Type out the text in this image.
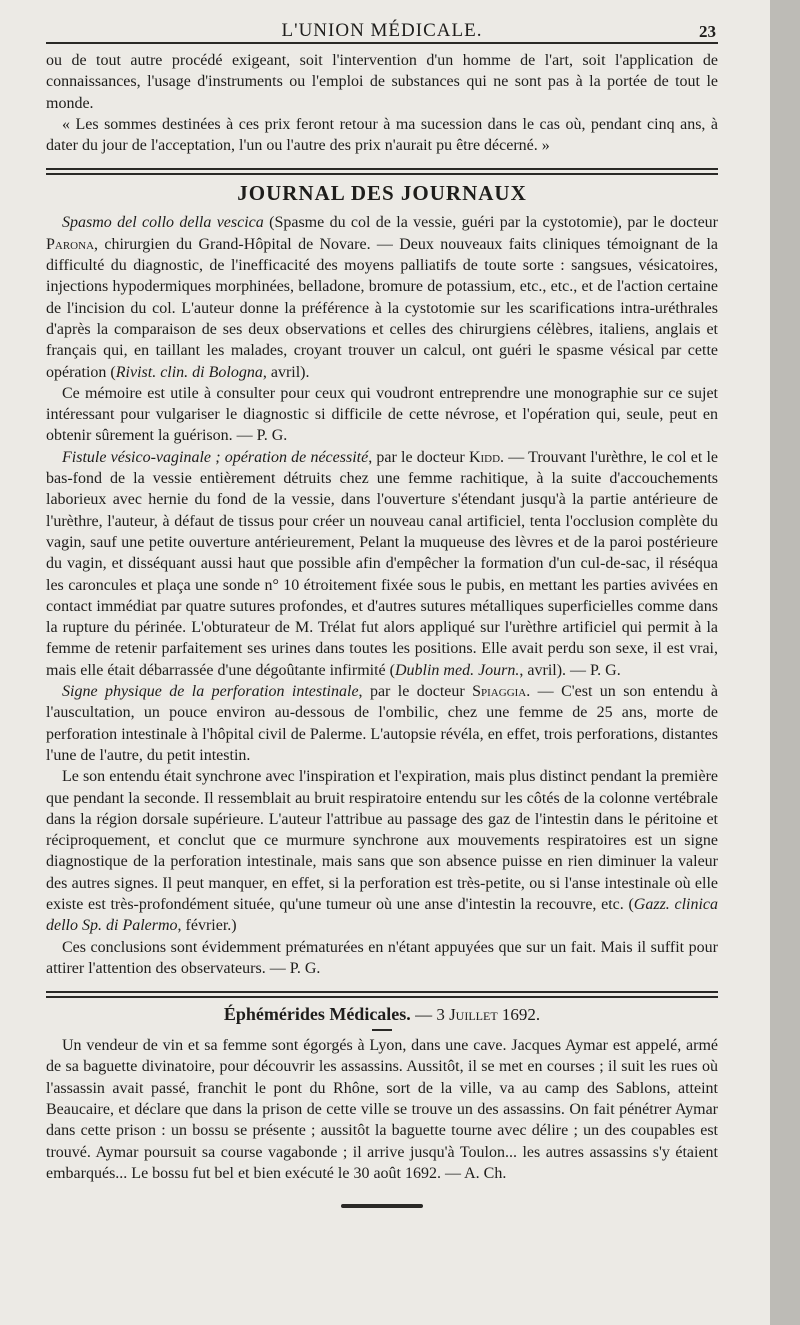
L'UNION MÉDICALE.	23

ou de tout autre procédé exigeant, soit l'intervention d'un homme de l'art, soit l'application de connaissances, l'usage d'instruments ou l'emploi de substances qui ne sont pas à la portée de tout le monde.

« Les sommes destinées à ces prix feront retour à ma sucession dans le cas où, pendant cinq ans, à dater du jour de l'acceptation, l'un ou l'autre des prix n'aurait pu être décerné. »

JOURNAL DES JOURNAUX

Spasmo del collo della vescica (Spasme du col de la vessie, guéri par la cystotomie), par le docteur Parona, chirurgien du Grand-Hôpital de Novare. — Deux nouveaux faits cliniques témoignant de la difficulté du diagnostic, de l'inefficacité des moyens palliatifs de toute sorte : sangsues, vésicatoires, injections hypodermiques morphinées, belladone, bromure de potassium, etc., etc., et de l'action certaine de l'incision du col. L'auteur donne la préférence à la cystotomie sur les scarifications intra-uréthrales d'après la comparaison de ses deux observations et celles des chirurgiens célèbres, italiens, anglais et français qui, en taillant les malades, croyant trouver un calcul, ont guéri le spasme vésical par cette opération (Rivist. clin. di Bologna, avril).

Ce mémoire est utile à consulter pour ceux qui voudront entreprendre une monographie sur ce sujet intéressant pour vulgariser le diagnostic si difficile de cette névrose, et l'opération qui, seule, peut en obtenir sûrement la guérison. — P. G.

Fistule vésico-vaginale ; opération de nécessité, par le docteur Kidd. — Trouvant l'urèthre, le col et le bas-fond de la vessie entièrement détruits chez une femme rachitique, à la suite d'accouchements laborieux avec hernie du fond de la vessie, dans l'ouverture s'étendant jusqu'à la partie antérieure de l'urèthre, l'auteur, à défaut de tissus pour créer un nouveau canal artificiel, tenta l'occlusion complète du vagin, sauf une petite ouverture antérieurement, Pelant la muqueuse des lèvres et de la paroi postérieure du vagin, et disséquant aussi haut que possible afin d'empêcher la formation d'un cul-de-sac, il réséqua les caroncules et plaça une sonde n° 10 étroitement fixée sous le pubis, en mettant les parties avivées en contact immédiat par quatre sutures profondes, et d'autres sutures métalliques superficielles comme dans la rupture du périnée. L'obturateur de M. Trélat fut alors appliqué sur l'urèthre artificiel qui permit à la femme de retenir parfaitement ses urines dans toutes les positions. Elle avait perdu son sexe, il est vrai, mais elle était débarrassée d'une dégoûtante infirmité (Dublin med. Journ., avril). — P. G.

Signe physique de la perforation intestinale, par le docteur Spiaggia. — C'est un son entendu à l'auscultation, un pouce environ au-dessous de l'ombilic, chez une femme de 25 ans, morte de perforation intestinale à l'hôpital civil de Palerme. L'autopsie révéla, en effet, trois perforations, distantes l'une de l'autre, du petit intestin.

Le son entendu était synchrone avec l'inspiration et l'expiration, mais plus distinct pendant la première que pendant la seconde. Il ressemblait au bruit respiratoire entendu sur les côtés de la colonne vertébrale dans la région dorsale supérieure. L'auteur l'attribue au passage des gaz de l'intestin dans le péritoine et réciproquement, et conclut que ce murmure synchrone aux mouvements respiratoires est un signe diagnostique de la perforation intestinale, mais sans que son absence puisse en rien diminuer la valeur des autres signes. Il peut manquer, en effet, si la perforation est très-petite, ou si l'anse intestinale où elle existe est très-profondément située, qu'une tumeur où une anse d'intestin la recouvre, etc. (Gazz. clinica dello Sp. di Palermo, février.)

Ces conclusions sont évidemment prématurées en n'étant appuyées que sur un fait. Mais il suffit pour attirer l'attention des observateurs. — P. G.

Éphémérides Médicales. — 3 Juillet 1692.

Un vendeur de vin et sa femme sont égorgés à Lyon, dans une cave. Jacques Aymar est appelé, armé de sa baguette divinatoire, pour découvrir les assassins. Aussitôt, il se met en courses ; il suit les rues où l'assassin avait passé, franchit le pont du Rhône, sort de la ville, va au camp des Sablons, atteint Beaucaire, et déclare que dans la prison de cette ville se trouve un des assassins. On fait pénétrer Aymar dans cette prison : un bossu se présente ; aussitôt la baguette tourne avec délire ; un des coupables est trouvé. Aymar poursuit sa course vagabonde ; il arrive jusqu'à Toulon... les autres assassins s'y étaient embarqués... Le bossu fut bel et bien exécuté le 30 août 1692. — A. Ch.
